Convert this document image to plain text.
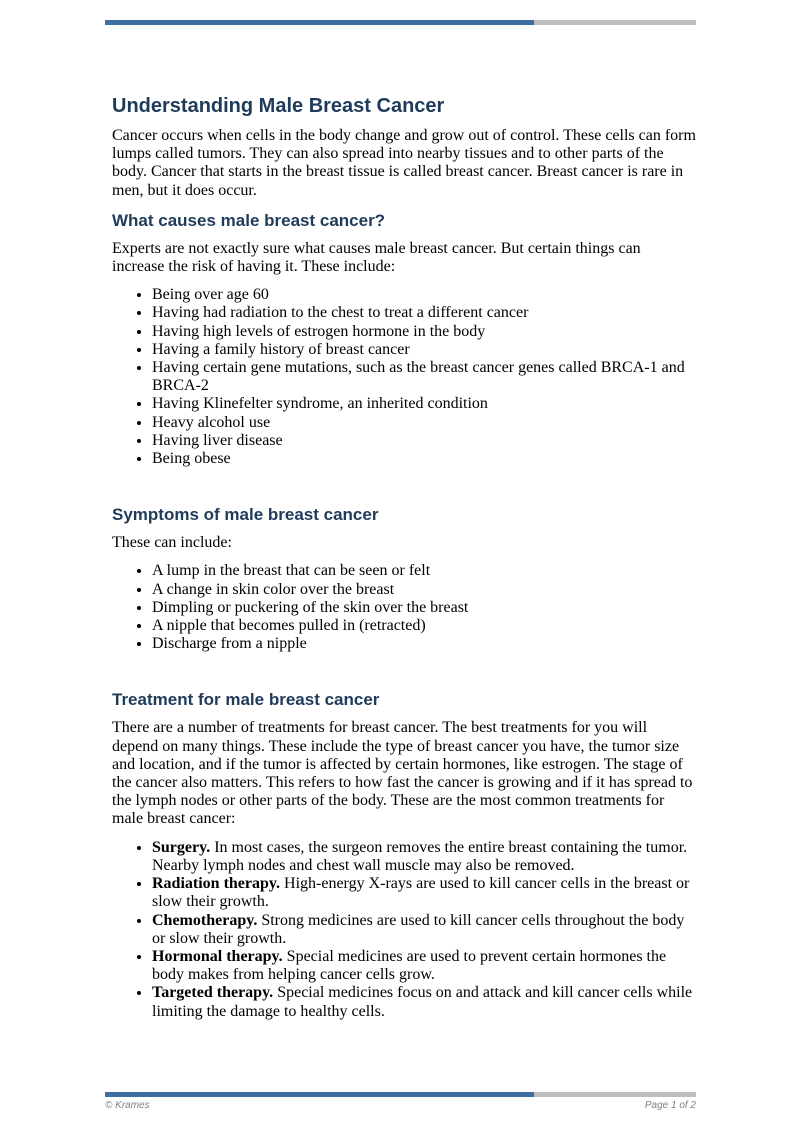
Understanding Male Breast Cancer

Cancer occurs when cells in the body change and grow out of control. These cells can form lumps called tumors. They can also spread into nearby tissues and to other parts of the body. Cancer that starts in the breast tissue is called breast cancer. Breast cancer is rare in men, but it does occur.

What causes male breast cancer?

Experts are not exactly sure what causes male breast cancer. But certain things can increase the risk of having it. These include:

• Being over age 60
• Having had radiation to the chest to treat a different cancer
• Having high levels of estrogen hormone in the body
• Having a family history of breast cancer
• Having certain gene mutations, such as the breast cancer genes called BRCA-1 and BRCA-2
• Having Klinefelter syndrome, an inherited condition
• Heavy alcohol use
• Having liver disease
• Being obese
Symptoms of male breast cancer

These can include:

• A lump in the breast that can be seen or felt
• A change in skin color over the breast
• Dimpling or puckering of the skin over the breast
• A nipple that becomes pulled in (retracted)
• Discharge from a nipple
Treatment for male breast cancer

There are a number of treatments for breast cancer. The best treatments for you will depend on many things. These include the type of breast cancer you have, the tumor size and location, and if the tumor is affected by certain hormones, like estrogen. The stage of the cancer also matters. This refers to how fast the cancer is growing and if it has spread to the lymph nodes or other parts of the body. These are the most common treatments for male breast cancer:

• Surgery. In most cases, the surgeon removes the entire breast containing the tumor. Nearby lymph nodes and chest wall muscle may also be removed.
• Radiation therapy. High-energy X-rays are used to kill cancer cells in the breast or slow their growth.
• Chemotherapy. Strong medicines are used to kill cancer cells throughout the body or slow their growth.
• Hormonal therapy. Special medicines are used to prevent certain hormones the body makes from helping cancer cells grow.
• Targeted therapy. Special medicines focus on and attack and kill cancer cells while limiting the damage to healthy cells.
© Krames	Page 1 of 2
